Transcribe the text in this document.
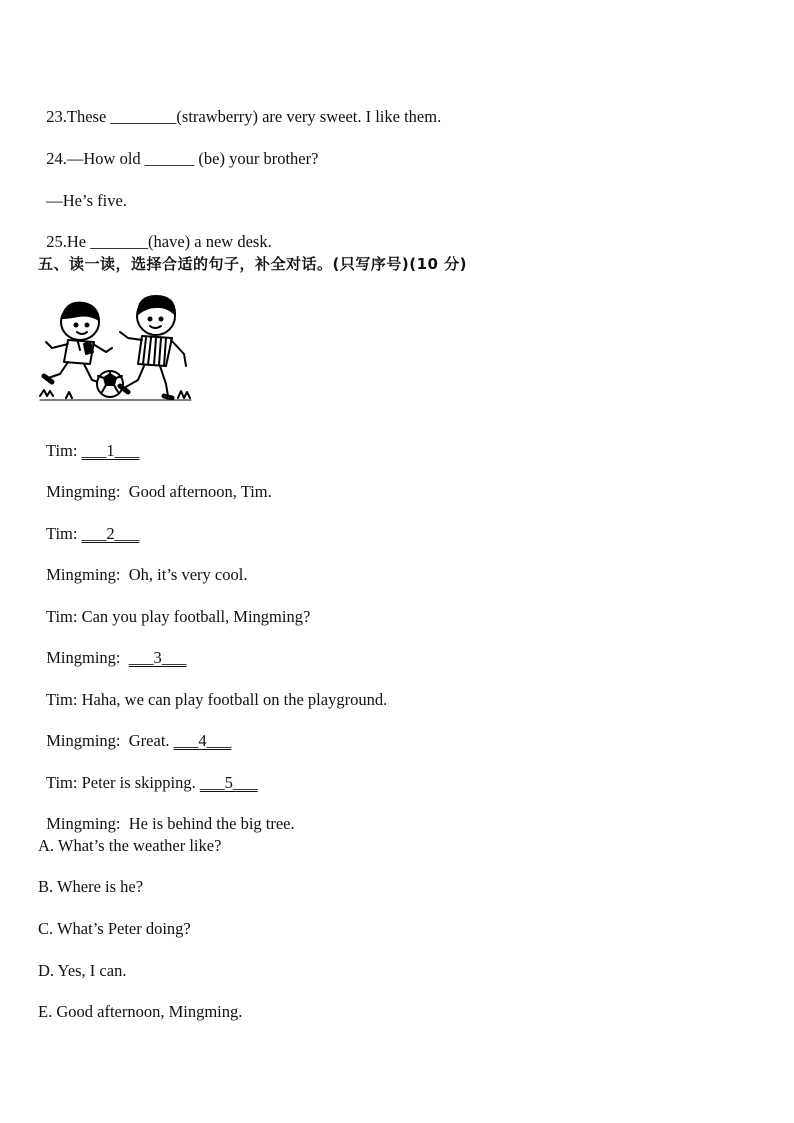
23.These ________(strawberry) are very sweet. I like them.

24.—How old ______ (be) your brother?

—He’s five.

25.He _______(have) a new desk.

五、读一读，选择合适的句子，补全对话。(只写序号)(10 分)

Tim: ___1___

Mingming:  Good afternoon, Tim.

Tim: ___2___

Mingming:  Oh, it’s very cool.

Tim: Can you play football, Mingming?

Mingming: ___3___

Tim: Haha, we can play football on the playground.

Mingming:  Great. ___4___

Tim: Peter is skipping. ___5___

Mingming:  He is behind the big tree.

A. What’s the weather like?
B. Where is he?
C. What’s Peter doing?
D. Yes, I can.
E. Good afternoon, Mingming.
